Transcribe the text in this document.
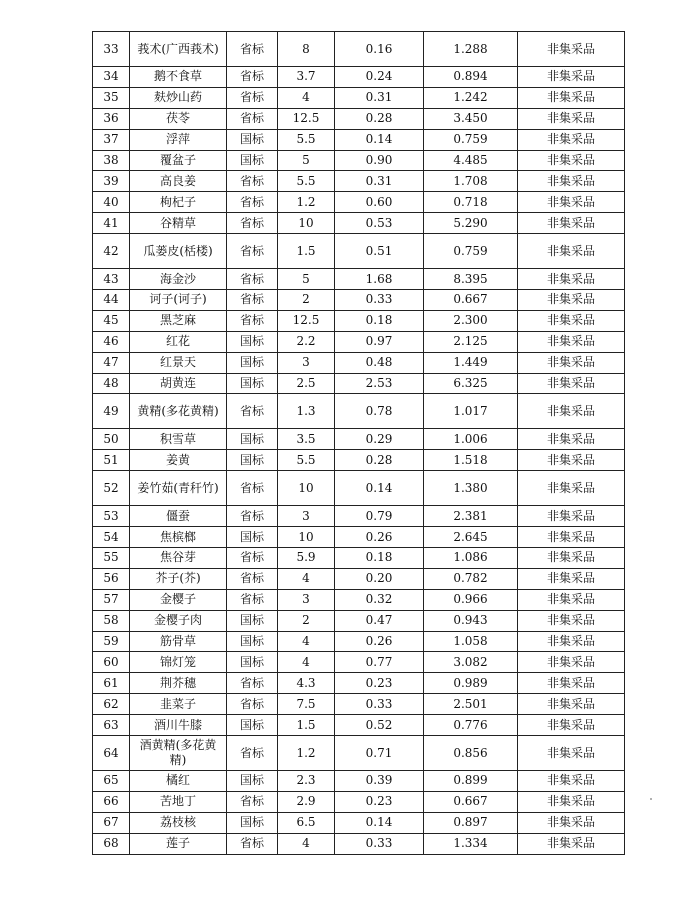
33	莪术(广西莪术)	省标	8	0.16	1.288	非集采品
34	鹅不食草	省标	3.7	0.24	0.894	非集采品
35	麸炒山药	省标	4	0.31	1.242	非集采品
36	茯苓	省标	12.5	0.28	3.450	非集采品
37	浮萍	国标	5.5	0.14	0.759	非集采品
38	覆盆子	国标	5	0.90	4.485	非集采品
39	高良姜	省标	5.5	0.31	1.708	非集采品
40	枸杞子	省标	1.2	0.60	0.718	非集采品
41	谷精草	省标	10	0.53	5.290	非集采品
42	瓜蒌皮(栝楼)	省标	1.5	0.51	0.759	非集采品
43	海金沙	省标	5	1.68	8.395	非集采品
44	诃子(诃子)	省标	2	0.33	0.667	非集采品
45	黑芝麻	省标	12.5	0.18	2.300	非集采品
46	红花	国标	2.2	0.97	2.125	非集采品
47	红景天	国标	3	0.48	1.449	非集采品
48	胡黄连	国标	2.5	2.53	6.325	非集采品
49	黄精(多花黄精)	省标	1.3	0.78	1.017	非集采品
50	积雪草	国标	3.5	0.29	1.006	非集采品
51	姜黄	国标	5.5	0.28	1.518	非集采品
52	姜竹茹(青秆竹)	省标	10	0.14	1.380	非集采品
53	僵蚕	省标	3	0.79	2.381	非集采品
54	焦槟榔	国标	10	0.26	2.645	非集采品
55	焦谷芽	省标	5.9	0.18	1.086	非集采品
56	芥子(芥)	省标	4	0.20	0.782	非集采品
57	金樱子	省标	3	0.32	0.966	非集采品
58	金樱子肉	国标	2	0.47	0.943	非集采品
59	筋骨草	国标	4	0.26	1.058	非集采品
60	锦灯笼	国标	4	0.77	3.082	非集采品
61	荆芥穗	省标	4.3	0.23	0.989	非集采品
62	韭菜子	省标	7.5	0.33	2.501	非集采品
63	酒川牛膝	国标	1.5	0.52	0.776	非集采品
64	酒黄精(多花黄精)	省标	1.2	0.71	0.856	非集采品
65	橘红	国标	2.3	0.39	0.899	非集采品
66	苦地丁	省标	2.9	0.23	0.667	非集采品
67	荔枝核	国标	6.5	0.14	0.897	非集采品
68	莲子	省标	4	0.33	1.334	非集采品
